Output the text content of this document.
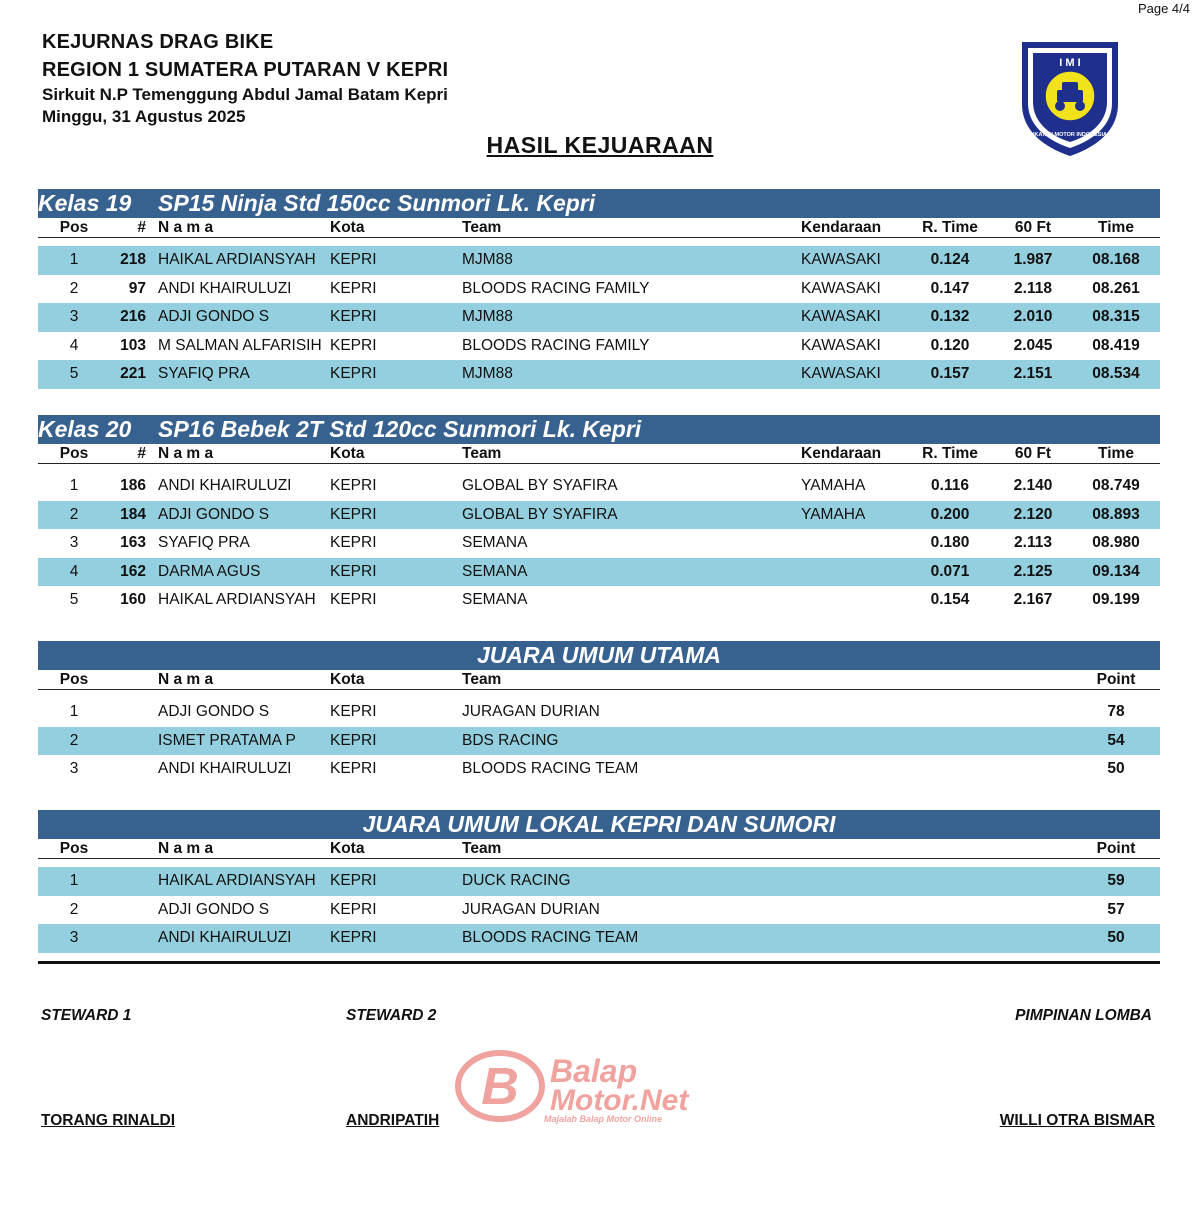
Page 4/4
KEJURNAS DRAG BIKE
REGION 1 SUMATERA PUTARAN V KEPRI
Sirkuit N.P Temenggung Abdul Jamal Batam Kepri
Minggu, 31 Agustus 2025
HASIL KEJUARAAN
I M I
IKATAN MOTOR INDONESIA
Kelas 19 SP15 Ninja Std 150cc Sunmori Lk. Kepri
Pos	# N a m a	Kota	Team	Kendaraan	R. Time	60 Ft	Time
1	218 HAIKAL ARDIANSYAH KEPRI	MJM88	KAWASAKI	0.124	1.987	08.168
2	97 ANDI KHAIRULUZI KEPRI	BLOODS RACING FAMILY	KAWASAKI	0.147	2.118	08.261
3	216 ADJI GONDO S	KEPRI	MJM88	KAWASAKI	0.132	2.010	08.315
4	103 M SALMAN ALFARISIH KEPRI	BLOODS RACING FAMILY	KAWASAKI	0.120	2.045	08.419
5	221 SYAFIQ PRA	KEPRI	MJM88	KAWASAKI	0.157	2.151	08.534
Kelas 20 SP16 Bebek 2T Std 120cc Sunmori Lk. Kepri
Pos	# N a m a	Kota	Team	Kendaraan	R. Time	60 Ft	Time
1	186 ANDI KHAIRULUZI KEPRI	GLOBAL BY SYAFIRA	YAMAHA	0.116	2.140	08.749
2	184 ADJI GONDO S	KEPRI	GLOBAL BY SYAFIRA	YAMAHA	0.200	2.120	08.893
3	163 SYAFIQ PRA	KEPRI	SEMANA	0.180	2.113	08.980
4	162 DARMA AGUS	KEPRI	SEMANA	0.071	2.125	09.134
5	160 HAIKAL ARDIANSYAH KEPRI	SEMANA	0.154	2.167	09.199
JUARA UMUM UTAMA
Pos	N a m a	Kota	Team	Point
1	ADJI GONDO S	KEPRI	JURAGAN DURIAN	78
2	ISMET PRATAMA P KEPRI	BDS RACING	54
3	ANDI KHAIRULUZI KEPRI	BLOODS RACING TEAM	50
JUARA UMUM LOKAL KEPRI DAN SUMORI
Pos	N a m a	Kota	Team	Point
1	HAIKAL ARDIANSYAH KEPRI	DUCK RACING	59
2	ADJI GONDO S	KEPRI	JURAGAN DURIAN	57
3	ANDI KHAIRULUZI KEPRI	BLOODS RACING TEAM	50
STEWARD 1	STEWARD 2	PIMPINAN LOMBA
B Balap
Motor.Net
Majalah Balap Motor Online
TORANG RINALDI	ANDRIPATIH	WILLI OTRA BISMAR
